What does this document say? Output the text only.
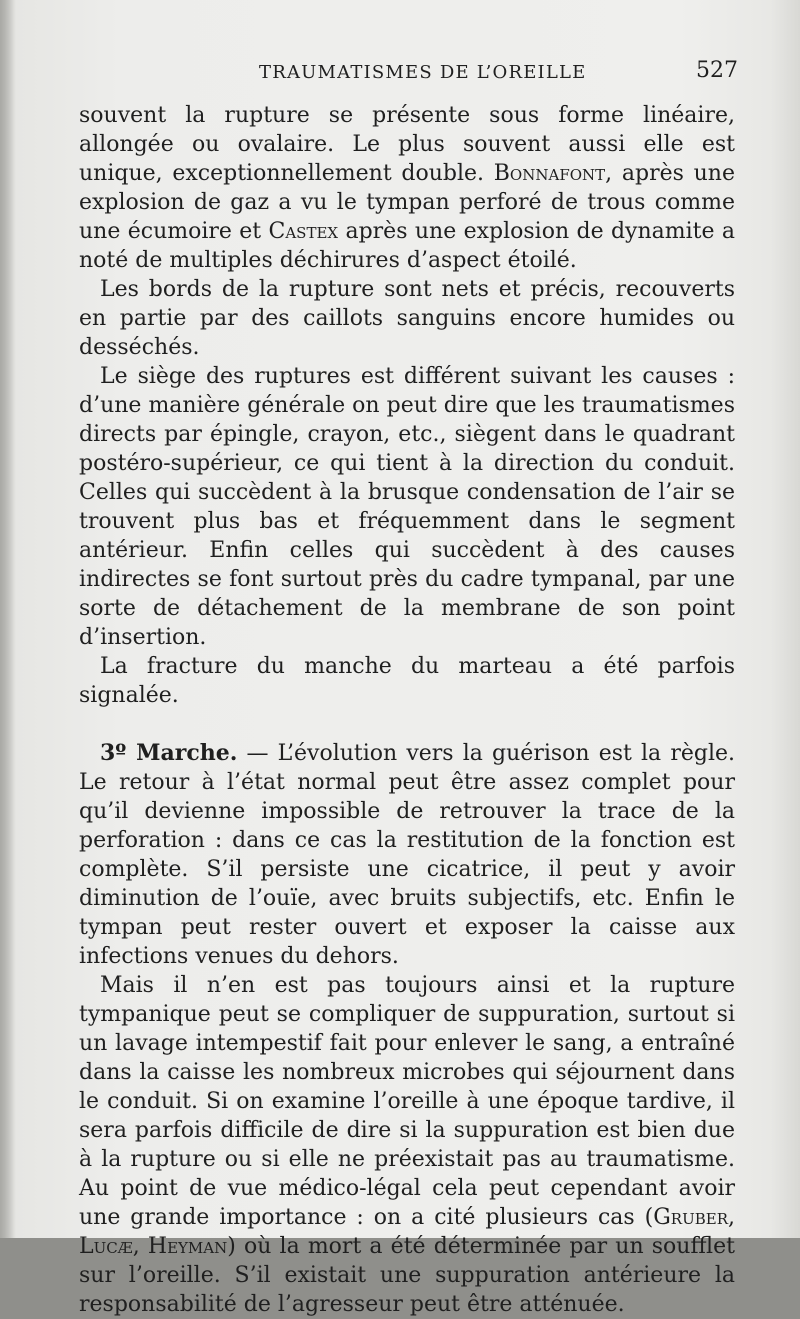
TRAUMATISMES DE L’OREILLE	527

souvent la rupture se présente sous forme linéaire, allongée ou ovalaire. Le plus souvent aussi elle est unique, exceptionnellement double. Bonnafont, après une explosion de gaz a vu le tympan perforé de trous comme une écumoire et Castex après une explosion de dynamite a noté de multiples déchirures d’aspect étoilé.

Les bords de la rupture sont nets et précis, recouverts en partie par des caillots sanguins encore humides ou desséchés.

Le siège des ruptures est différent suivant les causes : d’une manière générale on peut dire que les traumatismes directs par épingle, crayon, etc., siègent dans le quadrant postéro-supérieur, ce qui tient à la direction du conduit. Celles qui succèdent à la brusque condensation de l’air se trouvent plus bas et fréquemment dans le segment antérieur. Enfin celles qui succèdent à des causes indirectes se font surtout près du cadre tympanal, par une sorte de détachement de la membrane de son point d’insertion.

La fracture du manche du marteau a été parfois signalée.

3º Marche. — L’évolution vers la guérison est la règle. Le retour à l’état normal peut être assez complet pour qu’il devienne impossible de retrouver la trace de la perforation : dans ce cas la restitution de la fonction est complète. S’il persiste une cicatrice, il peut y avoir diminution de l’ouïe, avec bruits subjectifs, etc. Enfin le tympan peut rester ouvert et exposer la caisse aux infections venues du dehors.

Mais il n’en est pas toujours ainsi et la rupture tympanique peut se compliquer de suppuration, surtout si un lavage intempestif fait pour enlever le sang, a entraîné dans la caisse les nombreux microbes qui séjournent dans le conduit. Si on examine l’oreille à une époque tardive, il sera parfois difficile de dire si la suppuration est bien due à la rupture ou si elle ne préexistait pas au traumatisme. Au point de vue médico-légal cela peut cependant avoir une grande importance : on a cité plusieurs cas (Gruber, Lucæ, Heyman) où la mort a été déterminée par un soufflet sur l’oreille. S’il existait une suppuration antérieure la responsabilité de l’agresseur peut être atténuée.
